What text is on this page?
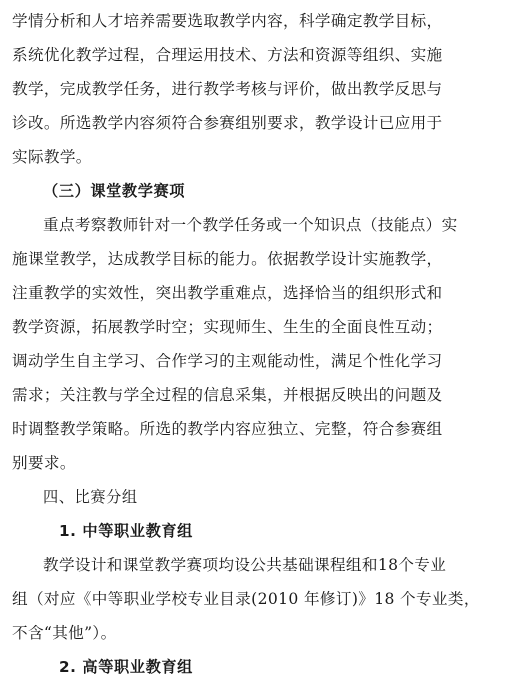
学情分析和人才培养需要选取教学内容，科学确定教学目标，
系统优化教学过程，合理运用技术、方法和资源等组织、实施
教学，完成教学任务，进行教学考核与评价，做出教学反思与
诊改。所选教学内容须符合参赛组别要求，教学设计已应用于
实际教学。
（三）课堂教学赛项
重点考察教师针对一个教学任务或一个知识点（技能点）实
施课堂教学，达成教学目标的能力。依据教学设计实施教学，
注重教学的实效性，突出教学重难点，选择恰当的组织形式和
教学资源，拓展教学时空；实现师生、生生的全面良性互动；
调动学生自主学习、合作学习的主观能动性，满足个性化学习
需求；关注教与学全过程的信息采集，并根据反映出的问题及
时调整教学策略。所选的教学内容应独立、完整，符合参赛组
别要求。
四、比赛分组
1. 中等职业教育组
教学设计和课堂教学赛项均设公共基础课程组和18个专业
组（对应《中等职业学校专业目录(2010 年修订)》18 个专业类，
不含“其他”）。
2. 高等职业教育组
